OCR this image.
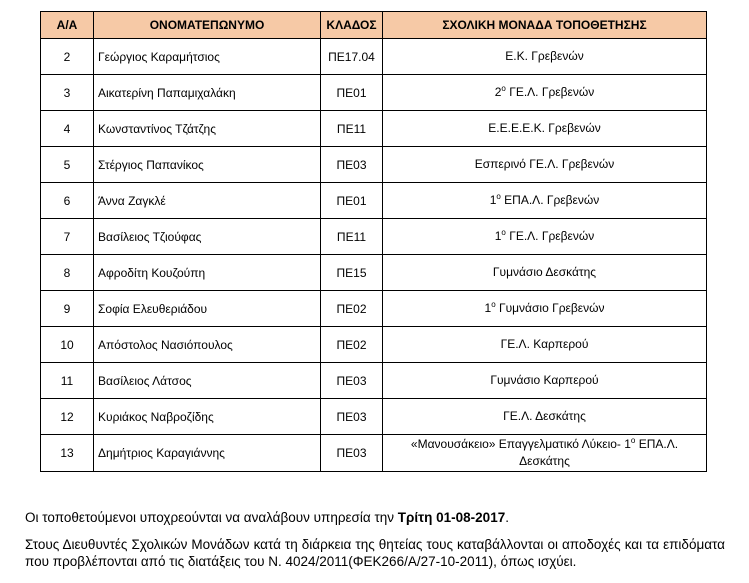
Α/Α	ΟΝΟΜΑΤΕΠΩΝΥΜΟ	ΚΛΑΔΟΣ	ΣΧΟΛΙΚΗ ΜΟΝΑΔΑ ΤΟΠΟΘΕΤΗΣΗΣ
2	Γεώργιος Καραμήτσιος	ΠΕ17.04	Ε.Κ. Γρεβενών
3	Αικατερίνη Παπαμιχαλάκη	ΠΕ01	$2^o$ ΓΕ.Λ. Γρεβενών
4	Κωνσταντίνος Τζάτζης	ΠΕ11	Ε.Ε.Ε.Ε.Κ. Γρεβενών
5	Στέργιος Παπανίκος	ΠΕ03	Εσπερινό ΓΕ.Λ. Γρεβενών
6	Άννα Ζαγκλέ	ΠΕ01	$1^o$ ΕΠΑ.Λ. Γρεβενών
7	Βασίλειος Τζιούφας	ΠΕ11	$1^o$ ΓΕ.Λ. Γρεβενών
8	Αφροδίτη Κουζούπη	ΠΕ15	Γυμνάσιο Δεσκάτης
9	Σοφία Ελευθεριάδου	ΠΕ02	$1^o$ Γυμνάσιο Γρεβενών
10	Απόστολος Νασιόπουλος	ΠΕ02	ΓΕ.Λ. Καρπερού
11	Βασίλειος Λάτσος	ΠΕ03	Γυμνάσιο Καρπερού
12	Κυριάκος Ναβροζίδης	ΠΕ03	ΓΕ.Λ. Δεσκάτης
13	Δημήτριος Καραγιάννης	ΠΕ03	«Μανουσάκειο» Επαγγελματικό Λύκειο- $1^o$ ΕΠΑ.Λ.
Δεσκάτης
Οι τοποθετούμενοι υποχρεούνται να αναλάβουν υπηρεσία την Τρίτη 01-08-2017.
Στους Διευθυντές Σχολικών Μονάδων κατά τη διάρκεια της θητείας τους καταβάλλονται οι αποδοχές και τα επιδόματα που προβλέπονται από τις διατάξεις του Ν. 4024/2011(ΦΕΚ266/Α/27-10-2011), όπως ισχύει.
